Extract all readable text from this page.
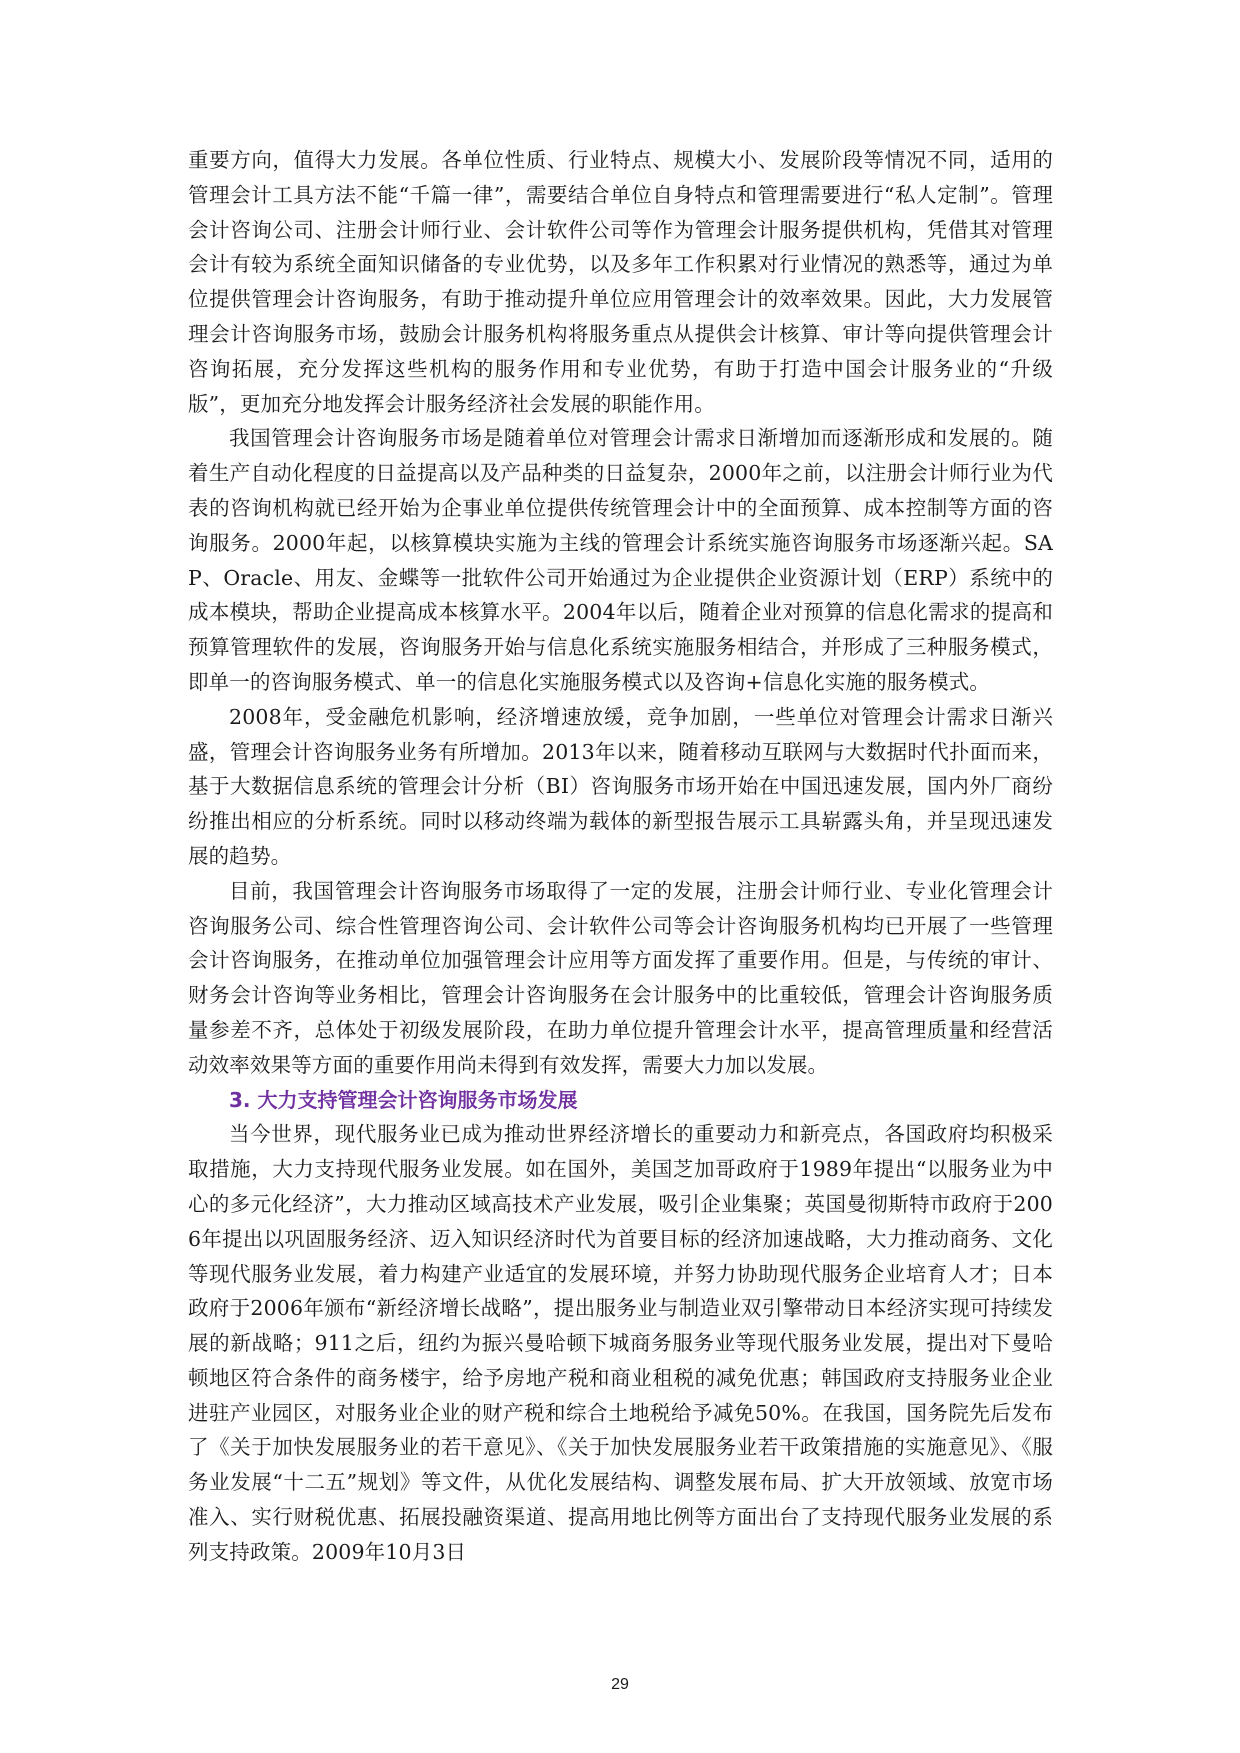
重要方向，值得大力发展。各单位性质、行业特点、规模大小、发展阶段等情况不同，适用的管理会计工具方法不能“千篇一律”，需要结合单位自身特点和管理需要进行“私人定制”。管理会计咨询公司、注册会计师行业、会计软件公司等作为管理会计服务提供机构，凭借其对管理会计有较为系统全面知识储备的专业优势，以及多年工作积累对行业情况的熟悉等，通过为单位提供管理会计咨询服务，有助于推动提升单位应用管理会计的效率效果。因此，大力发展管理会计咨询服务市场，鼓励会计服务机构将服务重点从提供会计核算、审计等向提供管理会计咨询拓展，充分发挥这些机构的服务作用和专业优势，有助于打造中国会计服务业的“升级版”，更加充分地发挥会计服务经济社会发展的职能作用。

我国管理会计咨询服务市场是随着单位对管理会计需求日渐增加而逐渐形成和发展的。随着生产自动化程度的日益提高以及产品种类的日益复杂，2000年之前，以注册会计师行业为代表的咨询机构就已经开始为企事业单位提供传统管理会计中的全面预算、成本控制等方面的咨询服务。2000年起，以核算模块实施为主线的管理会计系统实施咨询服务市场逐渐兴起。SAP、Oracle、用友、金蝶等一批软件公司开始通过为企业提供企业资源计划（ERP）系统中的成本模块，帮助企业提高成本核算水平。2004年以后，随着企业对预算的信息化需求的提高和预算管理软件的发展，咨询服务开始与信息化系统实施服务相结合，并形成了三种服务模式，即单一的咨询服务模式、单一的信息化实施服务模式以及咨询+信息化实施的服务模式。

2008年，受金融危机影响，经济增速放缓，竞争加剧，一些单位对管理会计需求日渐兴盛，管理会计咨询服务业务有所增加。2013年以来，随着移动互联网与大数据时代扑面而来，基于大数据信息系统的管理会计分析（BI）咨询服务市场开始在中国迅速发展，国内外厂商纷纷推出相应的分析系统。同时以移动终端为载体的新型报告展示工具崭露头角，并呈现迅速发展的趋势。

目前，我国管理会计咨询服务市场取得了一定的发展，注册会计师行业、专业化管理会计咨询服务公司、综合性管理咨询公司、会计软件公司等会计咨询服务机构均已开展了一些管理会计咨询服务，在推动单位加强管理会计应用等方面发挥了重要作用。但是，与传统的审计、财务会计咨询等业务相比，管理会计咨询服务在会计服务中的比重较低，管理会计咨询服务质量参差不齐，总体处于初级发展阶段，在助力单位提升管理会计水平，提高管理质量和经营活动效率效果等方面的重要作用尚未得到有效发挥，需要大力加以发展。

3. 大力支持管理会计咨询服务市场发展

当今世界，现代服务业已成为推动世界经济增长的重要动力和新亮点，各国政府均积极采取措施，大力支持现代服务业发展。如在国外，美国芝加哥政府于1989年提出“以服务业为中心的多元化经济”，大力推动区域高技术产业发展，吸引企业集聚；英国曼彻斯特市政府于2006年提出以巩固服务经济、迈入知识经济时代为首要目标的经济加速战略，大力推动商务、文化等现代服务业发展，着力构建产业适宜的发展环境，并努力协助现代服务企业培育人才；日本政府于2006年颁布“新经济增长战略”，提出服务业与制造业双引擎带动日本经济实现可持续发展的新战略；911之后，纽约为振兴曼哈顿下城商务服务业等现代服务业发展，提出对下曼哈顿地区符合条件的商务楼宇，给予房地产税和商业租税的减免优惠；韩国政府支持服务业企业进驻产业园区，对服务业企业的财产税和综合土地税给予减免50%。在我国，国务院先后发布了《关于加快发展服务业的若干意见》、《关于加快发展服务业若干政策措施的实施意见》、《服务业发展“十二五”规划》等文件，从优化发展结构、调整发展布局、扩大开放领域、放宽市场准入、实行财税优惠、拓展投融资渠道、提高用地比例等方面出台了支持现代服务业发展的系列支持政策。2009年10月3日

29
